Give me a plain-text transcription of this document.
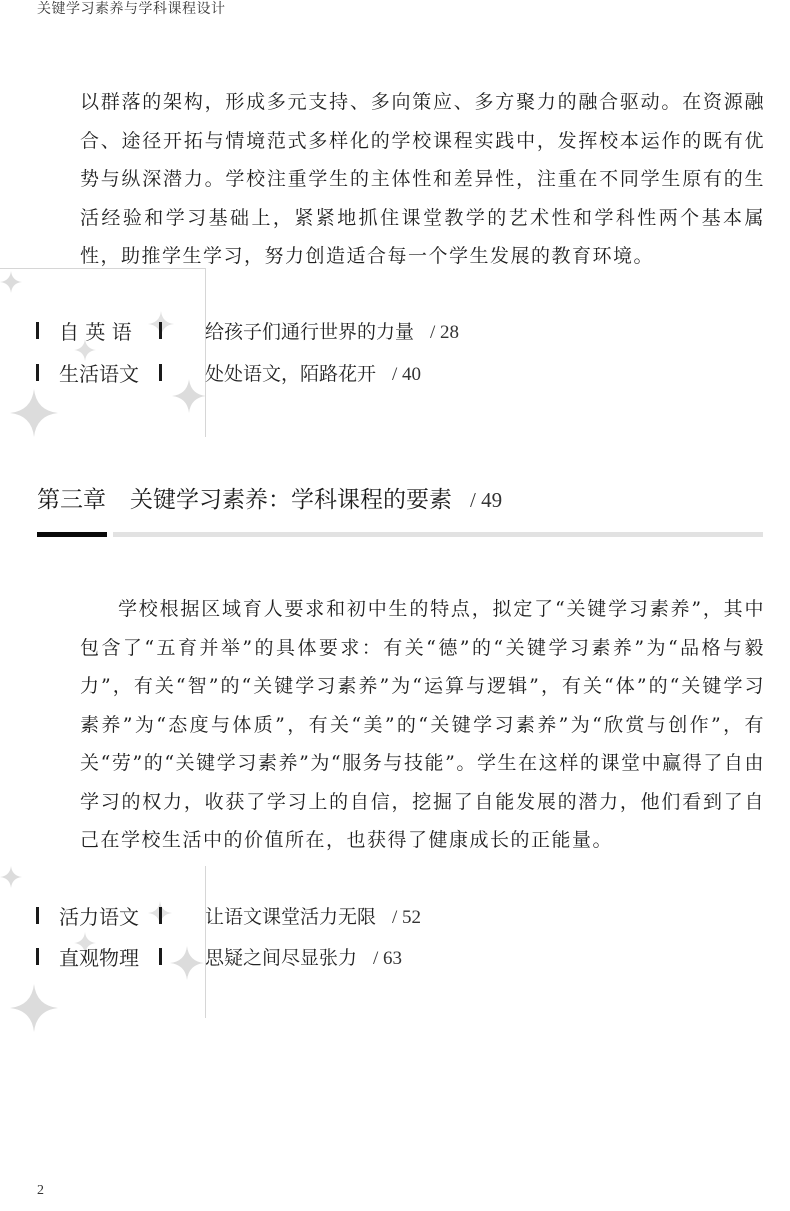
关键学习素养与学科课程设计

以群落的架构，形成多元支持、多向策应、多方聚力的融合驱动。在资源融合、途径开拓与情境范式多样化的学校课程实践中，发挥校本运作的既有优势与纵深潜力。学校注重学生的主体性和差异性，注重在不同学生原有的生活经验和学习基础上，紧紧地抓住课堂教学的艺术性和学科性两个基本属性，助推学生学习，努力创造适合每一个学生发展的教育环境。

自 英 语	给孩子们通行世界的力量 / 28
生活语文	处处语文，陌路花开 / 40
第三章 关键学习素养：学科课程的要素 / 49

学校根据区域育人要求和初中生的特点，拟定了“关键学习素养”，其中包含了“五育并举”的具体要求：有关“德”的“关键学习素养”为“品格与毅力”，有关“智”的“关键学习素养”为“运算与逻辑”，有关“体”的“关键学习素养”为“态度与体质”，有关“美”的“关键学习素养”为“欣赏与创作”，有关“劳”的“关键学习素养”为“服务与技能”。学生在这样的课堂中赢得了自由学习的权力，收获了学习上的自信，挖掘了自能发展的潜力，他们看到了自己在学校生活中的价值所在，也获得了健康成长的正能量。

活力语文	让语文课堂活力无限 / 52
直观物理	思疑之间尽显张力 / 63
2
